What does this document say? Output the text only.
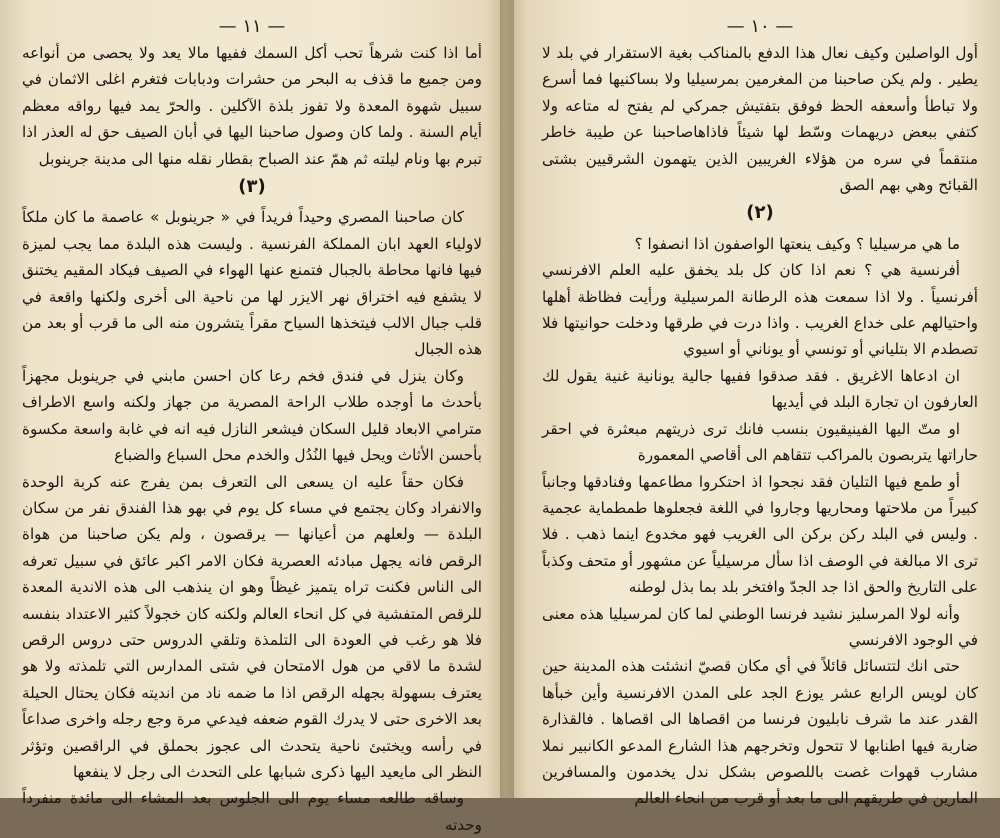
— ١١ —

أما اذا كنت شرهاً تحب أكل السمك ففيها مالا يعد ولا يحصى من أنواعه ومن جميع ما قذف به البحر من حشرات ودبابات فتغرم اغلى الاثمان في سبيل شهوة المعدة ولا تفوز بلذة الآكلين . والحرّ يمد فيها رواقه معظم أيام السنة . ولما كان وصول صاحبنا اليها في أبان الصيف حق له العذر اذا تبرم بها ونام ليلته ثم همّ عند الصباح بقطار نقله منها الى مدينة جرينوبل

(٣)

كان صاحبنا المصري وحيداً فريداً في « جرينوبل » عاصمة ما كان ملكاً لاولياء العهد ابان المملكة الفرنسية . وليست هذه البلدة مما يجب لميزة فيها فانها محاطة بالجبال فتمنع عنها الهواء في الصيف فيكاد المقيم يختنق لا يشفع فيه اختراق نهر الايزر لها من ناحية الى أخرى ولكنها واقعة في قلب جبال الالب فيتخذها السياح مقراً يتشرون منه الى ما قرب أو بعد من هذه الجبال

وكان ينزل في فندق فخم رعا كان احسن مابني في جرينوبل مجهزاً بأحدث ما أوجده طلاب الراحة المصرية من جهاز ولكنه واسع الاطراف مترامي الابعاد قليل السكان فيشعر النازل فيه انه في غابة واسعة مكسوة بأحسن الأثاث ويحل فيها النُدُل والخدم محل السباع والضباع

فكان حقاً عليه ان يسعى الى التعرف بمن يفرج عنه كربة الوحدة والانفراد وكان يجتمع في مساء كل يوم في بهو هذا الفندق نفر من سكان البلدة — ولعلهم من أعيانها — يرقصون ، ولم يكن صاحبنا من هواة الرقص فانه يجهل مبادئه العصرية فكان الامر اكبر عائق في سبيل تعرفه الى الناس فكنت تراه يتميز غيظاً وهو ان ينذهب الى هذه الاندية المعدة للرقص المتفشية في كل انحاء العالم ولكنه كان خجولاً كثير الاعتداد بنفسه فلا هو رغب في العودة الى التلمذة وتلقي الدروس حتى دروس الرقص لشدة ما لاقي من هول الامتحان في شتى المدارس التي تلمذته ولا هو يعترف بسهولة بجهله الرقص اذا ما ضمه ناد من انديته فكان يحتال الحيلة بعد الاخرى حتى لا يدرك القوم ضعفه فيدعي مرة وجع رجله واخرى صداعاً في رأسه ويختبئ ناحية يتحدث الى عجوز بحملق في الراقصين وتؤثر النظر الى مايعيد اليها ذكرى شبابها على التحدث الى رجل لا ينفعها

وساقه طالعه مساء يوم الى الجلوس بعد المشاء الى مائدة منفرداً وحدته

— ١٠ —

أول الواصلين وكيف نعال هذا الدفع بالمناكب بغية الاستقرار في بلد لا يطير . ولم يكن صاحبنا من المغرمين بمرسيليا ولا بساكنيها فما أسرع ولا تباطأ وأسعفه الحظ فوفق بتفتيش جمركي لم يفتح له متاعه ولا كتفي ببعض دريهمات وسّط لها شيئاً فاذاهاصاحبنا عن طيبة خاطر منتقماً في سره من هؤلاء الغريبين الذين يتهمون الشرقيين بشتى القبائح وهي بهم الصق

(٢)

ما هي مرسيليا ؟ وكيف ينعتها الواصفون اذا انصفوا ؟

أفرنسية هي ؟ نعم اذا كان كل بلد يخفق عليه العلم الافرنسي أفرنسياً . ولا اذا سمعت هذه الرطانة المرسيلية ورأيت فظاظة أهلها واحتيالهم على خداع الغريب . واذا درت في طرقها ودخلت حوانيتها فلا تصطدم الا بتلياني أو تونسي أو يوناني أو اسيوي

ان ادعاها الاغريق . فقد صدقوا ففيها جالية يونانية غنية يقول لك العارفون ان تجارة البلد في أيديها

او متّ اليها الفينيقيون بنسب فانك ترى ذريتهم مبعثرة في احقر حاراتها يتربصون بالمراكب تتقاهم الى أقاصي المعمورة

أو طمع فيها التليان فقد نجحوا اذ احتكروا مطاعمها وفنادقها وجانباً كبيراً من ملاحتها ومحاريها وجاروا في اللغة فجعلوها طمطماية عجمية . وليس في البلد ركن بركن الى الغريب فهو مخدوع اينما ذهب . فلا ترى الا مبالغة في الوصف اذا سأل مرسيلياً عن مشهور أو متحف وكذباً على التاريخ والحق اذا جد الجدّ وافتخر بلد بما بذل لوطنه

وأنه لولا المرسليز نشيد فرنسا الوطني لما كان لمرسيليا هذه معنى في الوجود الافرنسي

حتى انك لتتسائل قائلاً في أي مكان قصيّ انشئت هذه المدينة حين كان لويس الرابع عشر يوزع الجد على المدن الافرنسية وأين خبأها القدر عند ما شرف نابليون فرنسا من اقصاها الى اقصاها . فالقذارة ضاربة فيها اطنابها لا تتحول وتخرجهم هذا الشارع المدعو الكانبير نملا مشارب قهوات غصت باللصوص بشكل ندل يخدمون والمسافرين المارين في طريقهم الى ما بعد أو قرب من انحاء العالم
